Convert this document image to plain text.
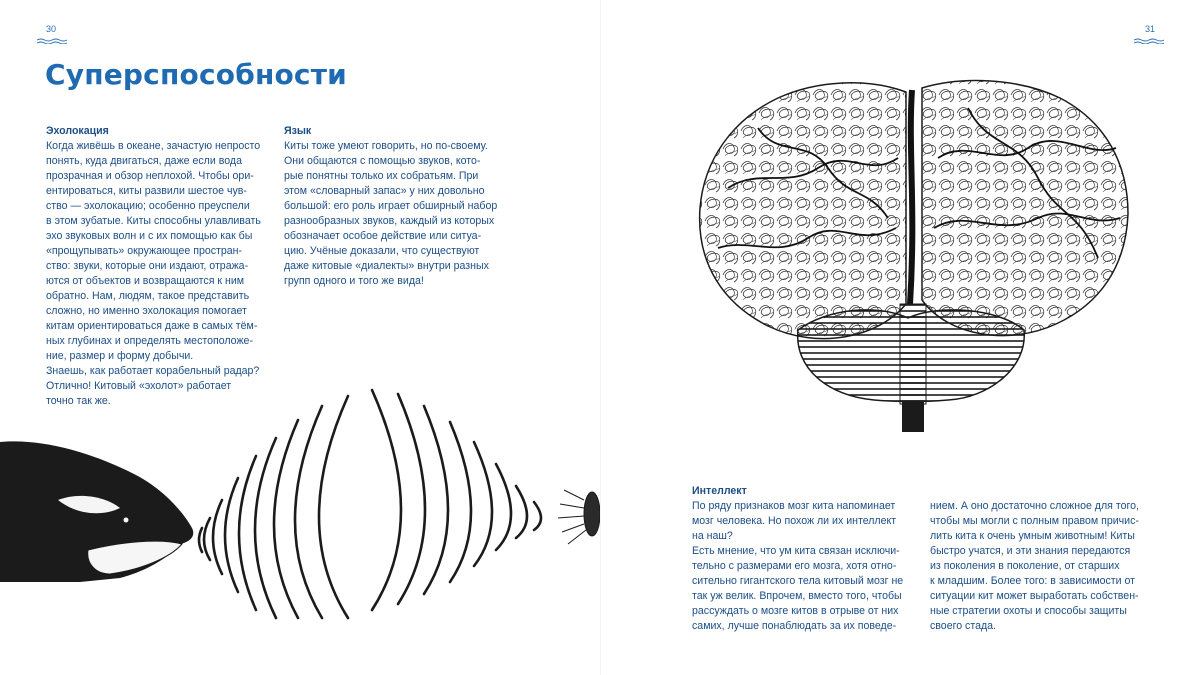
30	31
Суперспособности
Эхолокация

Когда живёшь в океане, зачастую непросто
понять, куда двигаться, даже если вода
прозрачная и обзор неплохой. Чтобы ори-
ентироваться, киты развили шестое чув-
ство — эхолокацию; особенно преуспели
в этом зубатые. Киты способны улавливать
эхо звуковых волн и с их помощью как бы
«прощупывать» окружающее простран-
ство: звуки, которые они издают, отража-
ются от объектов и возвращаются к ним
обратно. Нам, людям, такое представить
сложно, но именно эхолокация помогает
китам ориентироваться даже в самых тём-
ных глубинах и определять местоположе-
ние, размер и форму добычи.
Знаешь, как работает корабельный радар?
Отлично! Китовый «эхолот» работает
точно так же.

Язык

Киты тоже умеют говорить, но по-своему.
Они общаются с помощью звуков, кото-
рые понятны только их собратьям. При
этом «словарный запас» у них довольно
большой: его роль играет обширный набор
разнообразных звуков, каждый из которых
обозначает особое действие или ситуа-
цию. Учёные доказали, что существуют
даже китовые «диалекты» внутри разных
групп одного и того же вида!

Интеллект

По ряду признаков мозг кита напоминает
мозг человека. Но похож ли их интеллект
на наш?
Есть мнение, что ум кита связан исключи-
тельно с размерами его мозга, хотя отно-
сительно гигантского тела китовый мозг не
так уж велик. Впрочем, вместо того, чтобы
рассуждать о мозге китов в отрыве от них
самих, лучше понаблюдать за их поведе-

нием. А оно достаточно сложное для того,
чтобы мы могли с полным правом причис-
лить кита к очень умным животным! Киты
быстро учатся, и эти знания передаются
из поколения в поколение, от старших
к младшим. Более того: в зависимости от
ситуации кит может выработать собствен-
ные стратегии охоты и способы защиты
своего стада.
